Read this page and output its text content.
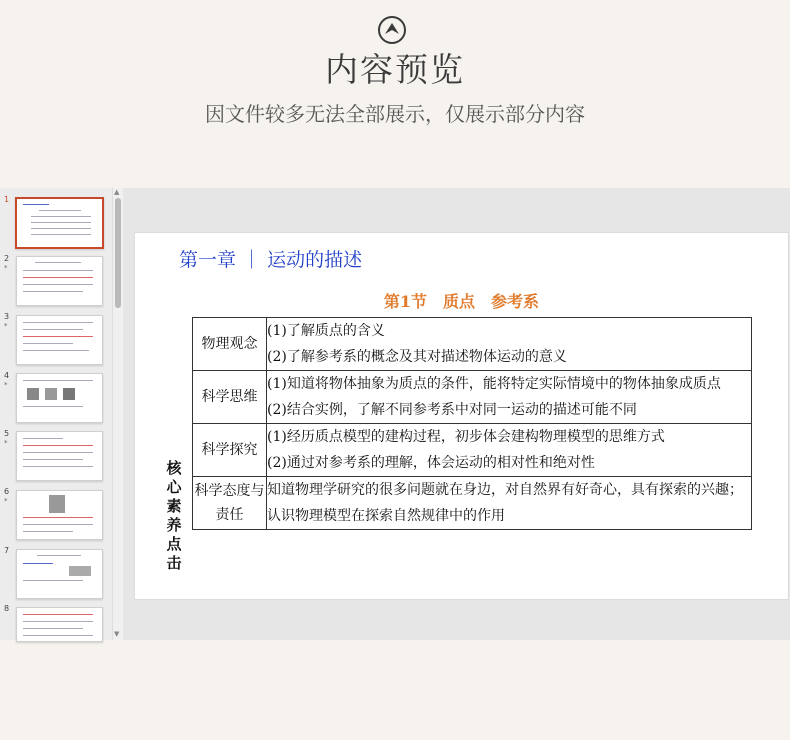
内容预览
因文件较多无法全部展示，仅展示部分内容
1
2
*
3
*
4
*
5
*
6
*
7
8
▲
▼
第一章 ｜ 运动的描述
第1节　质点　参考系
核心素养点击
物理观念	(1)了解质点的含义
(2)了解参考系的概念及其对描述物体运动的意义

科学思维	(1)知道将物体抽象为质点的条件，能将特定实际情境中的物体抽象成质点
(2)结合实例，了解不同参考系中对同一运动的描述可能不同

科学探究	(1)经历质点模型的建构过程，初步体会建构物理模型的思维方式
(2)通过对参考系的理解，体会运动的相对性和绝对性

科学态度与责任	知道物理学研究的很多问题就在身边，对自然界有好奇心，具有探索的兴趣；认识物理模型在探索自然规律中的作用
